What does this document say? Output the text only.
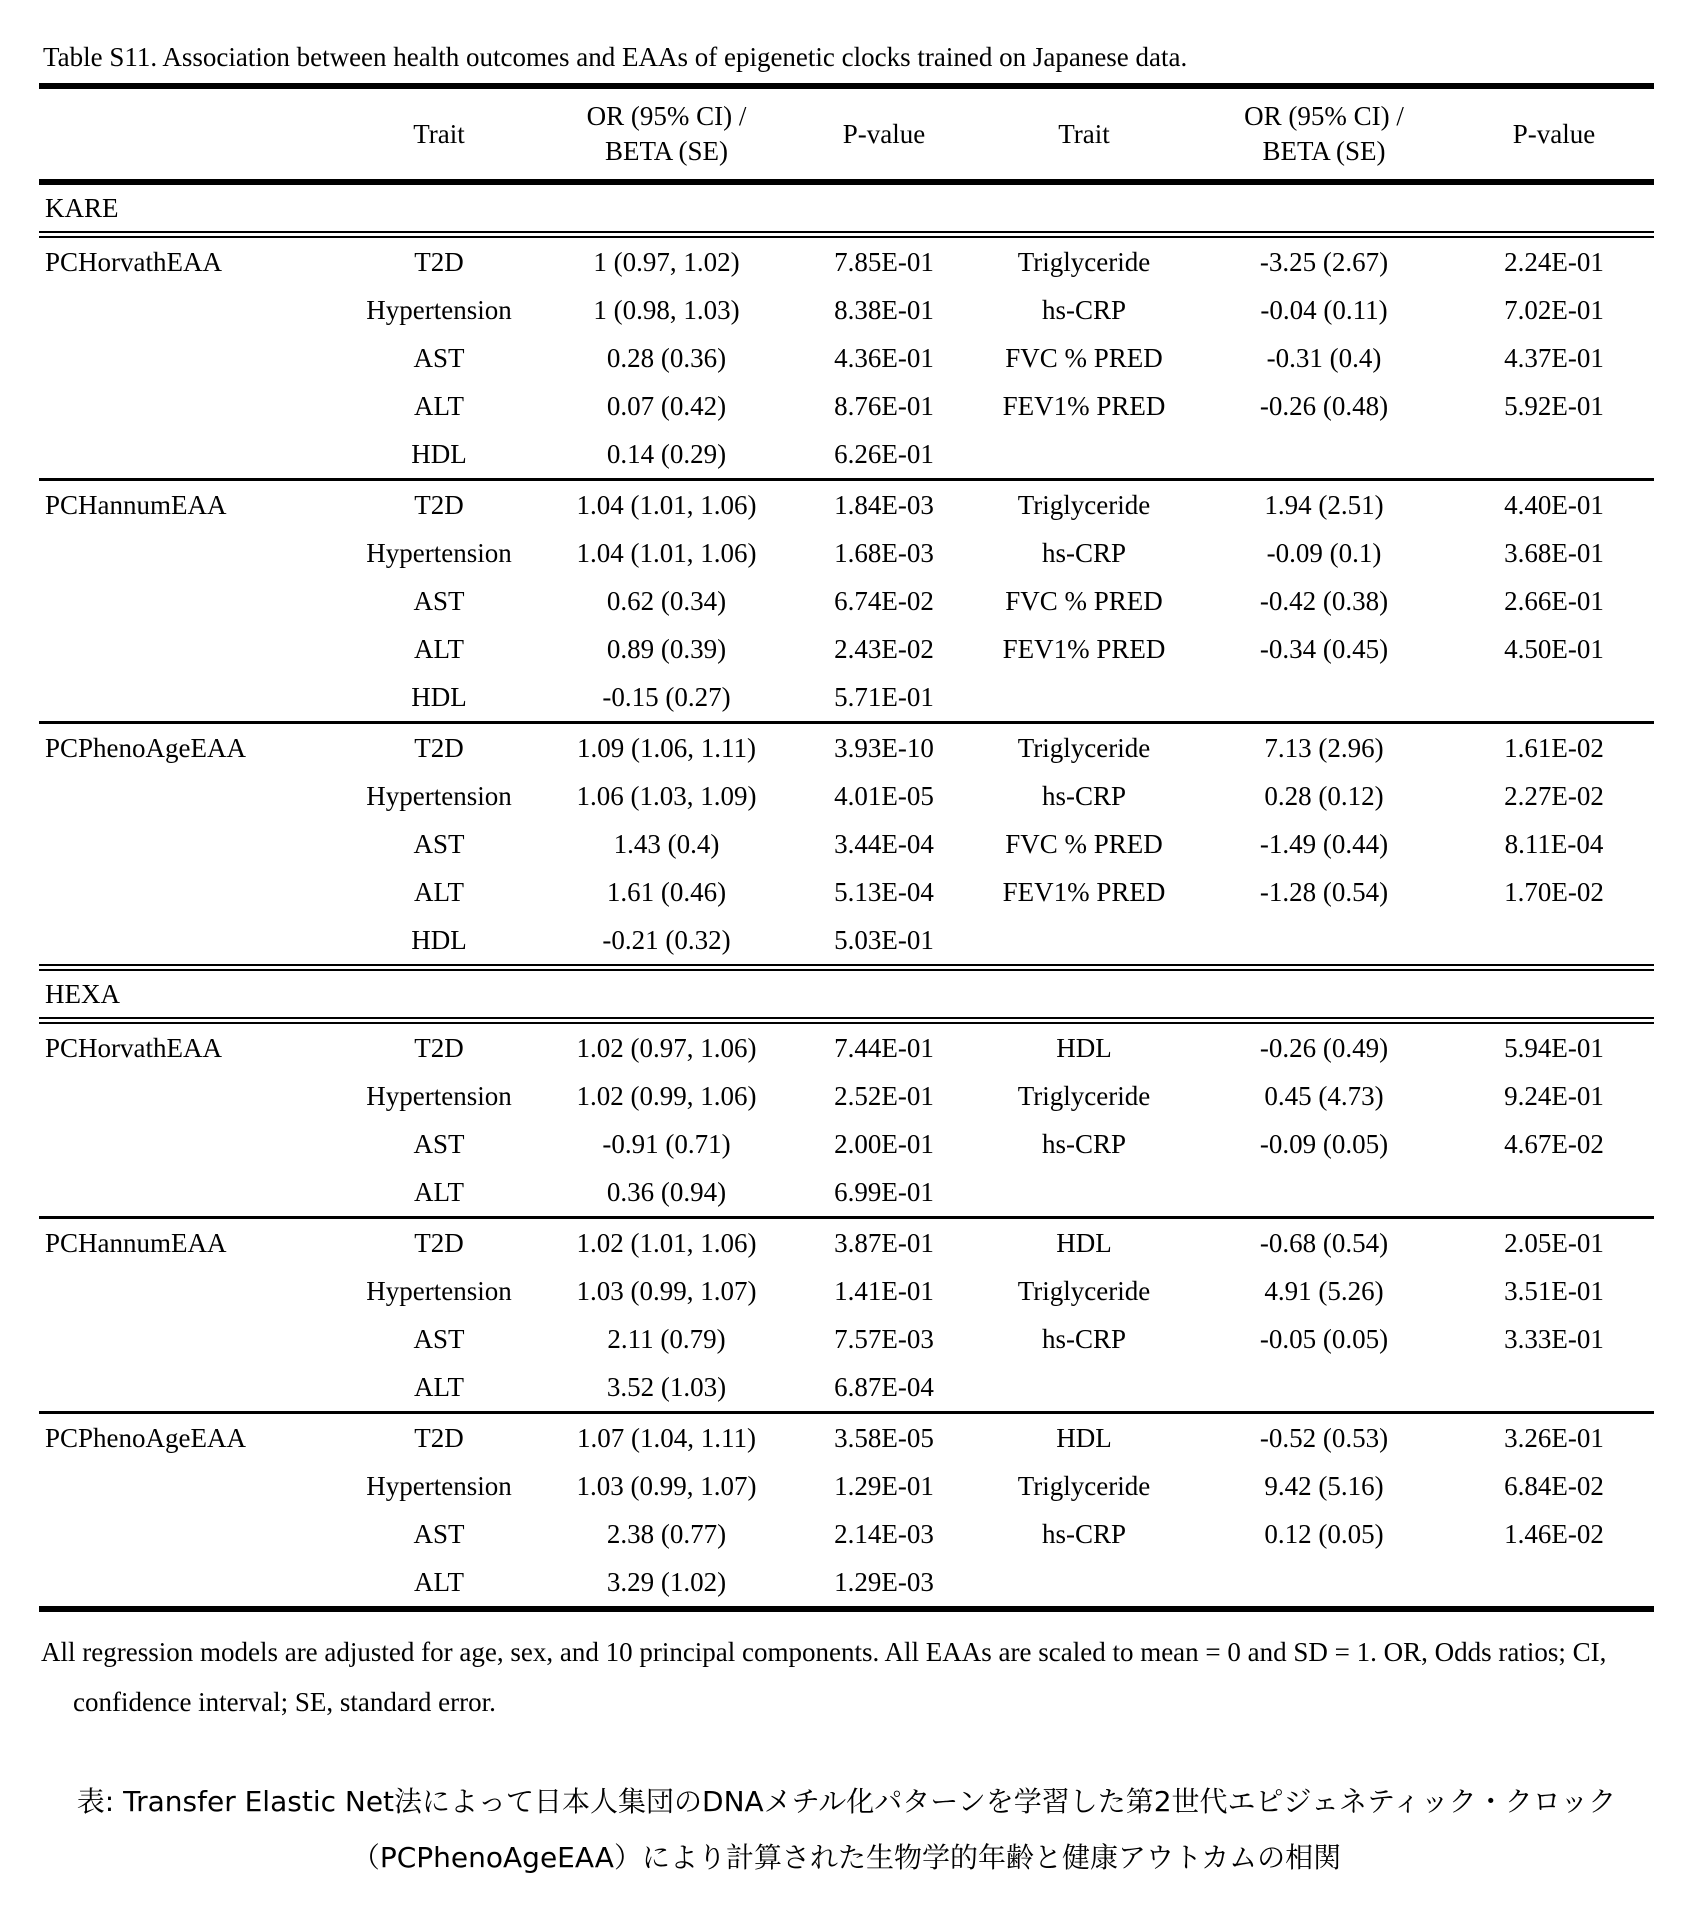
Table S11. Association between health outcomes and EAAs of epigenetic clocks trained on Japanese data.
	Trait	OR (95% CI) /
BETA (SE)	P-value	Trait	OR (95% CI) /
BETA (SE)	P-value
KARE						
PCHorvathEAA	T2D	1 (0.97, 1.02)	7.85E-01	Triglyceride	-3.25 (2.67)	2.24E-01
	Hypertension	1 (0.98, 1.03)	8.38E-01	hs-CRP	-0.04 (0.11)	7.02E-01
	AST	0.28 (0.36)	4.36E-01	FVC % PRED	-0.31 (0.4)	4.37E-01
	ALT	0.07 (0.42)	8.76E-01	FEV1% PRED	-0.26 (0.48)	5.92E-01
	HDL	0.14 (0.29)	6.26E-01			
PCHannumEAA	T2D	1.04 (1.01, 1.06)	1.84E-03	Triglyceride	1.94 (2.51)	4.40E-01
	Hypertension	1.04 (1.01, 1.06)	1.68E-03	hs-CRP	-0.09 (0.1)	3.68E-01
	AST	0.62 (0.34)	6.74E-02	FVC % PRED	-0.42 (0.38)	2.66E-01
	ALT	0.89 (0.39)	2.43E-02	FEV1% PRED	-0.34 (0.45)	4.50E-01
	HDL	-0.15 (0.27)	5.71E-01			
PCPhenoAgeEAA	T2D	1.09 (1.06, 1.11)	3.93E-10	Triglyceride	7.13 (2.96)	1.61E-02
	Hypertension	1.06 (1.03, 1.09)	4.01E-05	hs-CRP	0.28 (0.12)	2.27E-02
	AST	1.43 (0.4)	3.44E-04	FVC % PRED	-1.49 (0.44)	8.11E-04
	ALT	1.61 (0.46)	5.13E-04	FEV1% PRED	-1.28 (0.54)	1.70E-02
	HDL	-0.21 (0.32)	5.03E-01			
HEXA						
PCHorvathEAA	T2D	1.02 (0.97, 1.06)	7.44E-01	HDL	-0.26 (0.49)	5.94E-01
	Hypertension	1.02 (0.99, 1.06)	2.52E-01	Triglyceride	0.45 (4.73)	9.24E-01
	AST	-0.91 (0.71)	2.00E-01	hs-CRP	-0.09 (0.05)	4.67E-02
	ALT	0.36 (0.94)	6.99E-01			
PCHannumEAA	T2D	1.02 (1.01, 1.06)	3.87E-01	HDL	-0.68 (0.54)	2.05E-01
	Hypertension	1.03 (0.99, 1.07)	1.41E-01	Triglyceride	4.91 (5.26)	3.51E-01
	AST	2.11 (0.79)	7.57E-03	hs-CRP	-0.05 (0.05)	3.33E-01
	ALT	3.52 (1.03)	6.87E-04			
PCPhenoAgeEAA	T2D	1.07 (1.04, 1.11)	3.58E-05	HDL	-0.52 (0.53)	3.26E-01
	Hypertension	1.03 (0.99, 1.07)	1.29E-01	Triglyceride	9.42 (5.16)	6.84E-02
	AST	2.38 (0.77)	2.14E-03	hs-CRP	0.12 (0.05)	1.46E-02
	ALT	3.29 (1.02)	1.29E-03			

All regression models are adjusted for age, sex, and 10 principal components. All EAAs are scaled to mean = 0 and SD = 1. OR, Odds ratios; CI, confidence interval; SE, standard error.

表: Transfer Elastic Net法によって日本人集団のDNAメチル化パターンを学習した第2世代エピジェネティック・クロック
（PCPhenoAgeEAA）により計算された生物学的年齢と健康アウトカムの相関
